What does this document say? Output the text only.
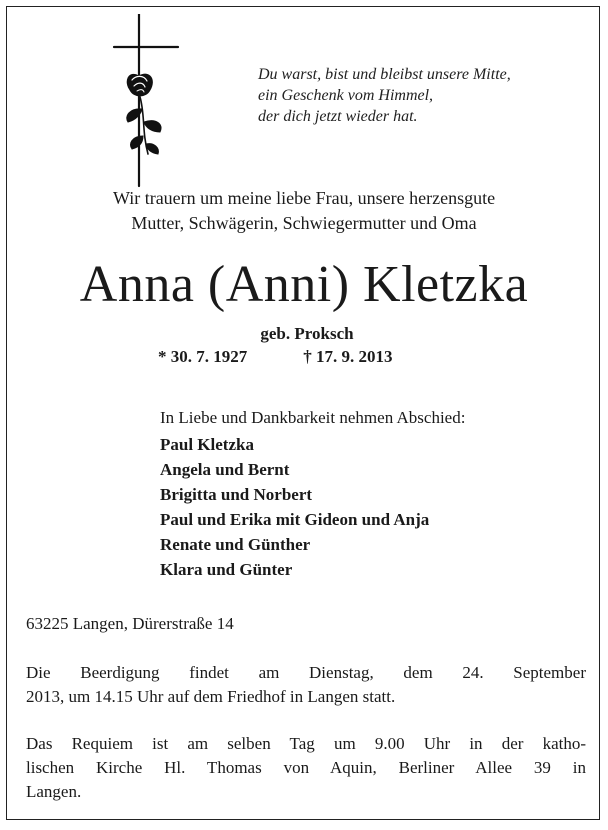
Du warst, bist und bleibst unsere Mitte,
ein Geschenk vom Himmel,
der dich jetzt wieder hat.
Wir trauern um meine liebe Frau, unsere herzensgute
Mutter, Schwägerin, Schwiegermutter und Oma
Anna (Anni) Kletzka
geb. Proksch
* 30. 7. 1927	† 17. 9. 2013
In Liebe und Dankbarkeit nehmen Abschied:
Paul Kletzka
Angela und Bernt
Brigitta und Norbert
Paul und Erika mit Gideon und Anja
Renate und Günther
Klara und Günter
63225 Langen, Dürerstraße 14
Die Beerdigung findet am Dienstag, dem 24. September
2013, um 14.15 Uhr auf dem Friedhof in Langen statt.
Das Requiem ist am selben Tag um 9.00 Uhr in der katho-
lischen Kirche Hl. Thomas von Aquin, Berliner Allee 39 in
Langen.
